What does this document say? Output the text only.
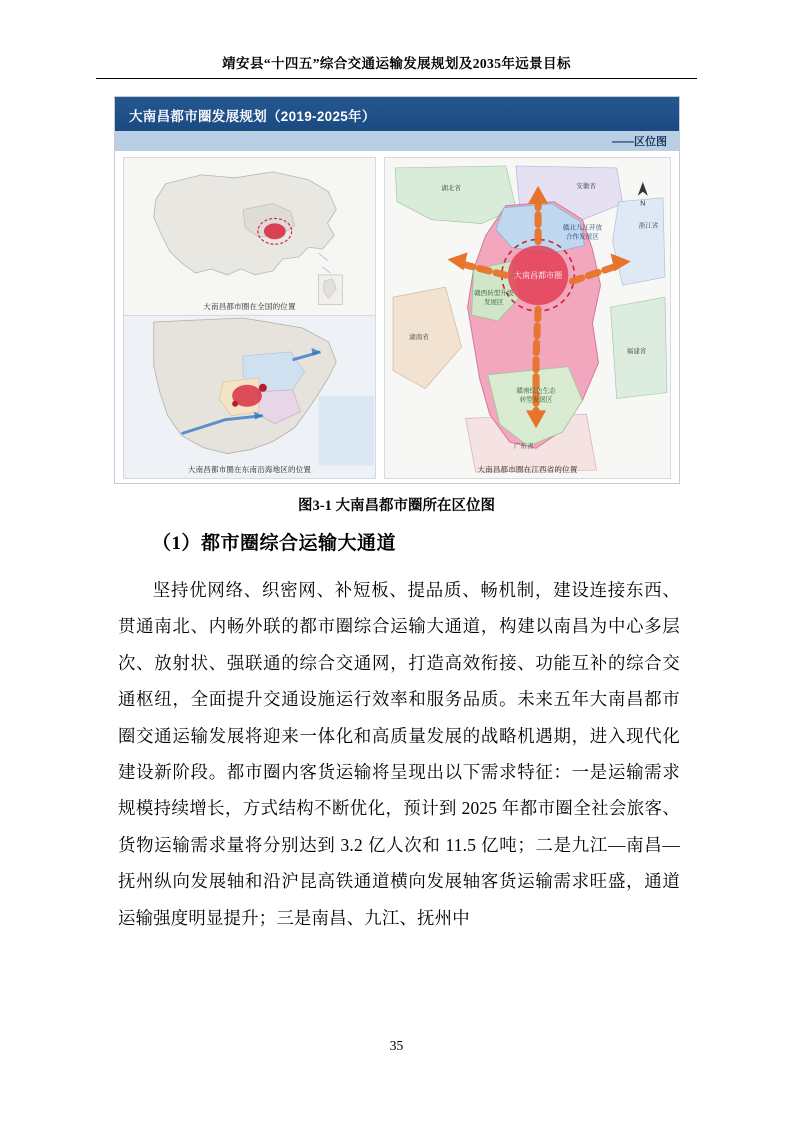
靖安县“十四五”综合交通运输发展规划及2035年远景目标
大南昌都市圈发展规划（2019-2025年）
——区位图
大南昌都市圈在全国的位置
大南昌都市圈在东南沿海地区的位置
大南昌都市圈
赣北九江开放
合作发展区
赣西转型升级
发展区
赣南绿色生态
转型发展区
湖北省	安徽省
浙江省
湖南省
福建省
广东省
N
大南昌都市圈在江西省的位置
图3-1 大南昌都市圈所在区位图
（1）都市圈综合运输大通道
坚持优网络、织密网、补短板、提品质、畅机制，建设连接东西、贯通南北、内畅外联的都市圈综合运输大通道，构建以南昌为中心多层次、放射状、强联通的综合交通网，打造高效衔接、功能互补的综合交通枢纽，全面提升交通设施运行效率和服务品质。未来五年大南昌都市圈交通运输发展将迎来一体化和高质量发展的战略机遇期，进入现代化建设新阶段。都市圈内客货运输将呈现出以下需求特征：一是运输需求规模持续增长，方式结构不断优化，预计到 2025 年都市圈全社会旅客、货物运输需求量将分别达到 3.2 亿人次和 11.5 亿吨；二是九江—南昌—抚州纵向发展轴和沿沪昆高铁通道横向发展轴客货运输需求旺盛，通道运输强度明显提升；三是南昌、九江、抚州中
35
